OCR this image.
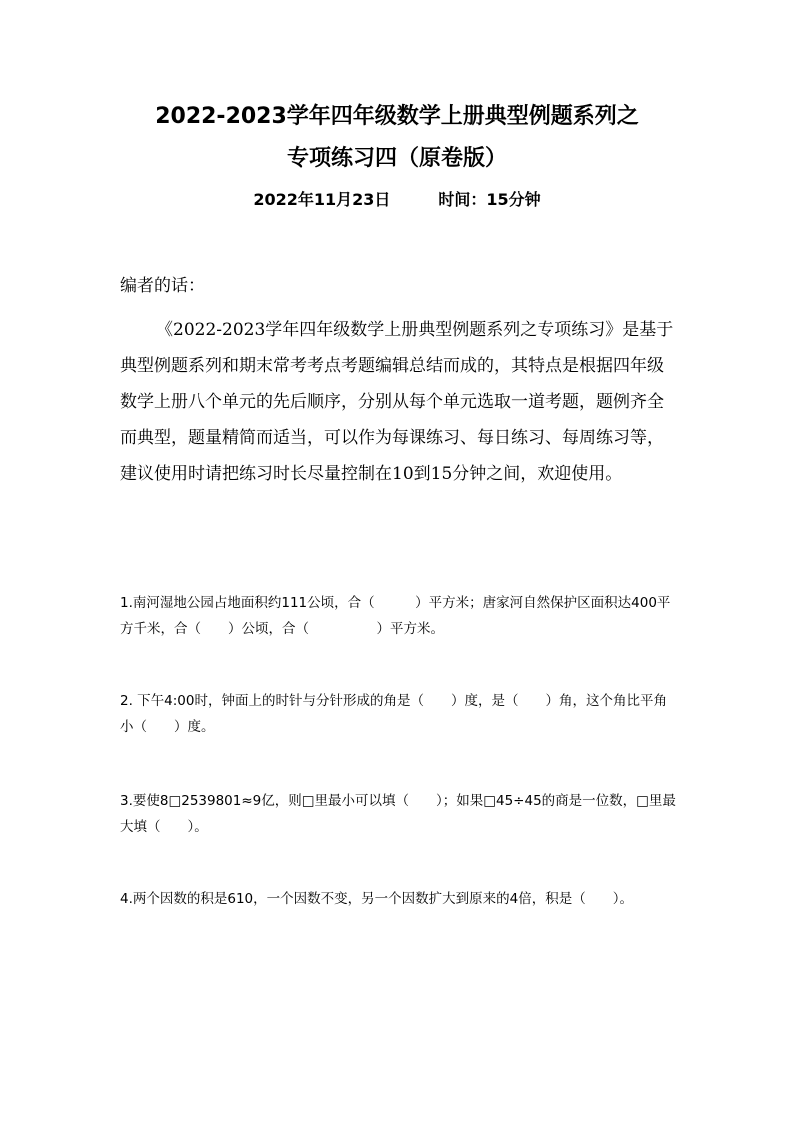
2022-2023学年四年级数学上册典型例题系列之
专项练习四（原卷版）
2022年11月23日	时间：15分钟
编者的话：

《2022-2023学年四年级数学上册典型例题系列之专项练习》是基于典型例题系列和期末常考考点考题编辑总结而成的，其特点是根据四年级数学上册八个单元的先后顺序，分别从每个单元选取一道考题，题例齐全而典型，题量精简而适当，可以作为每课练习、每日练习、每周练习等，建议使用时请把练习时长尽量控制在10到15分钟之间，欢迎使用。

1.南河湿地公园占地面积约111公顷，合（　　　）平方米；唐家河自然保护区面积达400平方千米，合（　　）公顷，合（　　　　　）平方米。

2. 下午4:00时，钟面上的时针与分针形成的角是（　　）度，是（　　）角，这个角比平角小（　　）度。

3.要使8□2539801≈9亿，则□里最小可以填（　　）；如果□45÷45的商是一位数，□里最大填（　　）。

4.两个因数的积是610，一个因数不变，另一个因数扩大到原来的4倍，积是（　　）。
